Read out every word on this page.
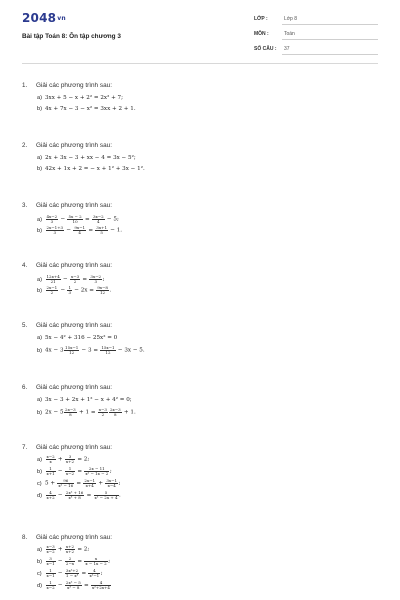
2048vn
Bài tập Toán 8: Ôn tập chương 3
LỚP :	Lớp 8
MÔN :	Toán
SỐ CÂU : 37
1. Giải các phương trình sau:
a) 3xx + 5 − x + 2² = 2x² + 7;
b) 4x + 7x − 3 − x² = 3xx + 2 + 1.
2. Giải các phương trình sau:
a) 2x + 3x − 3 + xx − 4 = 3x − 5²;
b) 42x + 1x + 2 = − x + 1² + 3x − 1².
3. Giải các phương trình sau:
$a) \frac{4x-2}{3} - \frac{5x - 2}{10} = \frac{3x-2}{4} - 5$;
$b) \frac{2x-1+3}{3} - \frac{9x-1}{4} = \frac{3x+1}{5} - 1$.
4. Giải các phương trình sau:
$a) \frac{12x+4}{21} - \frac{x-3}{2} = \frac{3x-2}{3}$ ;
$b) \frac{2x-1}{2} - \frac{1}{3} - 2x = \frac{9x-8}{12}$ .
5. Giải các phương trình sau:
a) 5x − 4² + 316 − 25x² = 0
b) $4x - 3 \frac{15x-1}{12} - 3 = \frac{15x-1}{12} - 3x - 5$.
6. Giải các phương trình sau:
a) 3x − 3 + 2x + 1² − x + 4² = 0;
b) $2x - 5 \frac{2x-3}{8} + 1 = \frac{x-3}{2} \frac{2x-3}{8} + 1$.
7. Giải các phương trình sau:
$a) \frac{x-2}{x} + \frac{3}{x+2} = 2$;
$b) \frac{1}{x+1} - \frac{1}{x-2} = \frac{2x - 11}{\text{x² − 1x − 2}}$ ;
c) $5 + \frac{96}{\text{x² − 16}} = \frac{2x-1}{x+4} + \frac{3x-1}{x-4}$ ;
$d) \frac{4}{x+2} - \frac{\text{2x² + 16}}{\text{x³ + 8}} = \frac{5}{\text{x² − 2x + 4}}$ .
8. Giải các phương trình sau:
$a) \frac{x-3}{x-2} + \frac{x+2}{x+2} = 2$;
$b) \frac{3}{x-1} - \frac{2}{2-x} = \frac{x}{x - 1x - 2}$ ;
$c) \frac{1}{x-1} - \frac{\text{3x²+2}}{\text{1 − x³}} = \frac{4}{\text{x²−1}}$ ;
$d) \frac{1}{x-2} - \frac{\text{2x² − 5}}{\text{x³ − 8}} = \frac{4}{\text{x²+2x+4}}$
